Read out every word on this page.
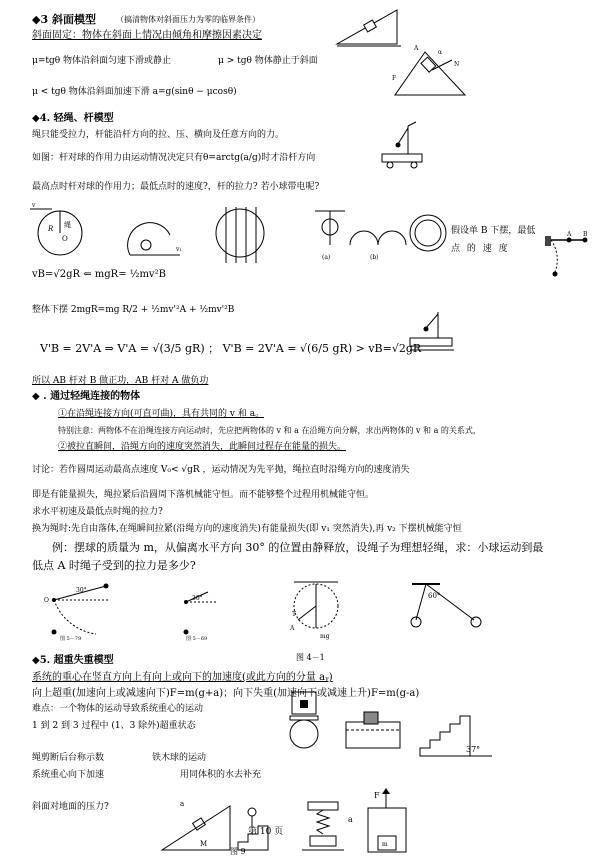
◆3 斜面模型	（搞清物体对斜面压力为零的临界条件）
斜面固定：物体在斜面上情况由倾角和摩擦因素决定
μ=tgθ 物体沿斜面匀速下滑或静止	μ > tgθ 物体静止于斜面
μ < tgθ 物体沿斜面加速下滑 a=g(sinθ − μcosθ)
A
α
N
F
◆4. 轻绳、杆模型
绳只能受拉力，杆能沿杆方向的拉、压、横向及任意方向的力。
如图：杆对球的作用力由运动情况决定只有θ=arctg(a/g)时才沿杆方向
最高点时杆对球的作用力；最低点时的速度?，杆的拉力? 若小球带电呢?
v
R 绳
O
v₁
(a)	(b)
假设单 B 下摆，最低
点 的 速 度
A B
vB=√2gR ⇐ mgR= ½mv²B
整体下摆 2mgR=mg R/2 + ½mv'²A + ½mv'²B
V'B = 2V'A ⇒ V'A = √(3/5 gR) ； V'B = 2V'A = √(6/5 gR) > vB=√2gR
所以 AB 杆对 B 做正功，AB 杆对 A 做负功
◆ . 通过轻绳连接的物体
①在沿绳连接方向(可直可曲)，具有共同的 v 和 a。
特别注意：两物体不在沿绳连接方向运动时，先应把两物体的 v 和 a 在沿绳方向分解，求出两物体的 v 和 a 的关系式，
②被拉直瞬间，沿绳方向的速度突然消失，此瞬间过程存在能量的损失。
讨论：若作圆周运动最高点速度 V₀< √gR ，运动情况为先平抛，绳拉直时沿绳方向的速度消失
即是有能量损失，绳拉紧后沿圆周下落机械能守恒。而不能够整个过程用机械能守恒。
求水平初速及最低点时绳的拉力?
换为绳时:先自由落体,在绳瞬间拉紧(沿绳方向的速度消失)有能量损失(即 v₁ 突然消失),再 v₂ 下摆机械能守恒
例：摆球的质量为 m，从偏离水平方向 30° 的位置由静释放，设绳子为理想轻绳，求：小球运动到最
低点 A 时绳子受到的拉力是多少?
O
30°
图 5－79
30°
图 5－69
T
A
mg
60°
图 4－1
◆5. 超重失重模型
系统的重心在竖直方向上有向上或向下的加速度(或此方向的分量 aᵧ)
向上超重(加速向上或减速向下)F=m(g+a)；向下失重(加速向下或减速上升)F=m(g-a)
难点：一个物体的运动导致系统重心的运动
1 到 2 到 3 过程中 (1、3 除外)超重状态
绳剪断后台称示数	铁木球的运动
系统重心向下加速	用同体积的水去补充
斜面对地面的压力?
37°
a
M
F
m
a
第 10 页
图 9
